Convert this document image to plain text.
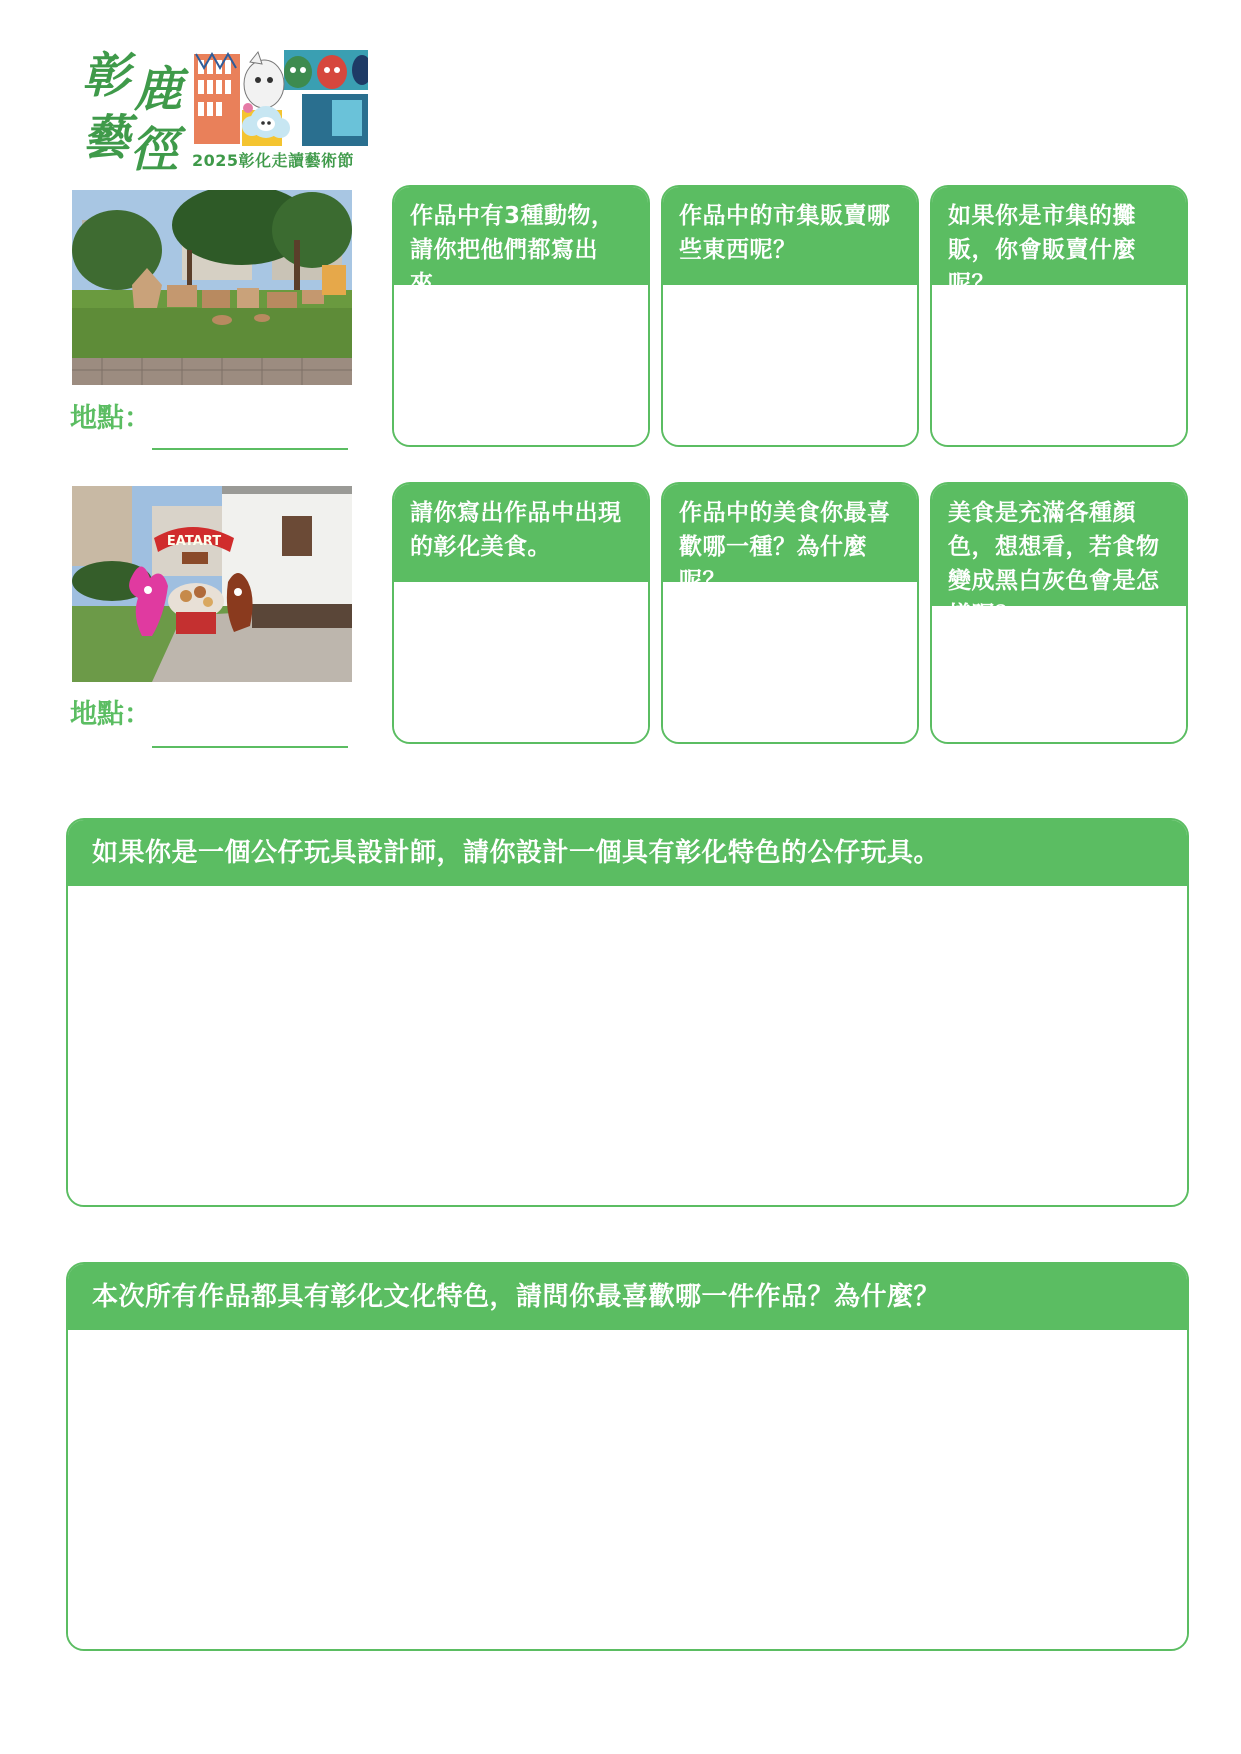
彰 鹿
藝 徑 2025彰化走讀藝術節
地點：
作品中有3種動物，請你把他們都寫出來。
作品中的市集販賣哪些東西呢？
如果你是市集的攤販，你會販賣什麼呢？
EATART
地點：
請你寫出作品中出現的彰化美食。
作品中的美食你最喜歡哪一種？為什麼呢？
美食是充滿各種顏色，想想看，若食物變成黑白灰色會是怎樣呢？
如果你是一個公仔玩具設計師，請你設計一個具有彰化特色的公仔玩具。
本次所有作品都具有彰化文化特色，請問你最喜歡哪一件作品？為什麼？
